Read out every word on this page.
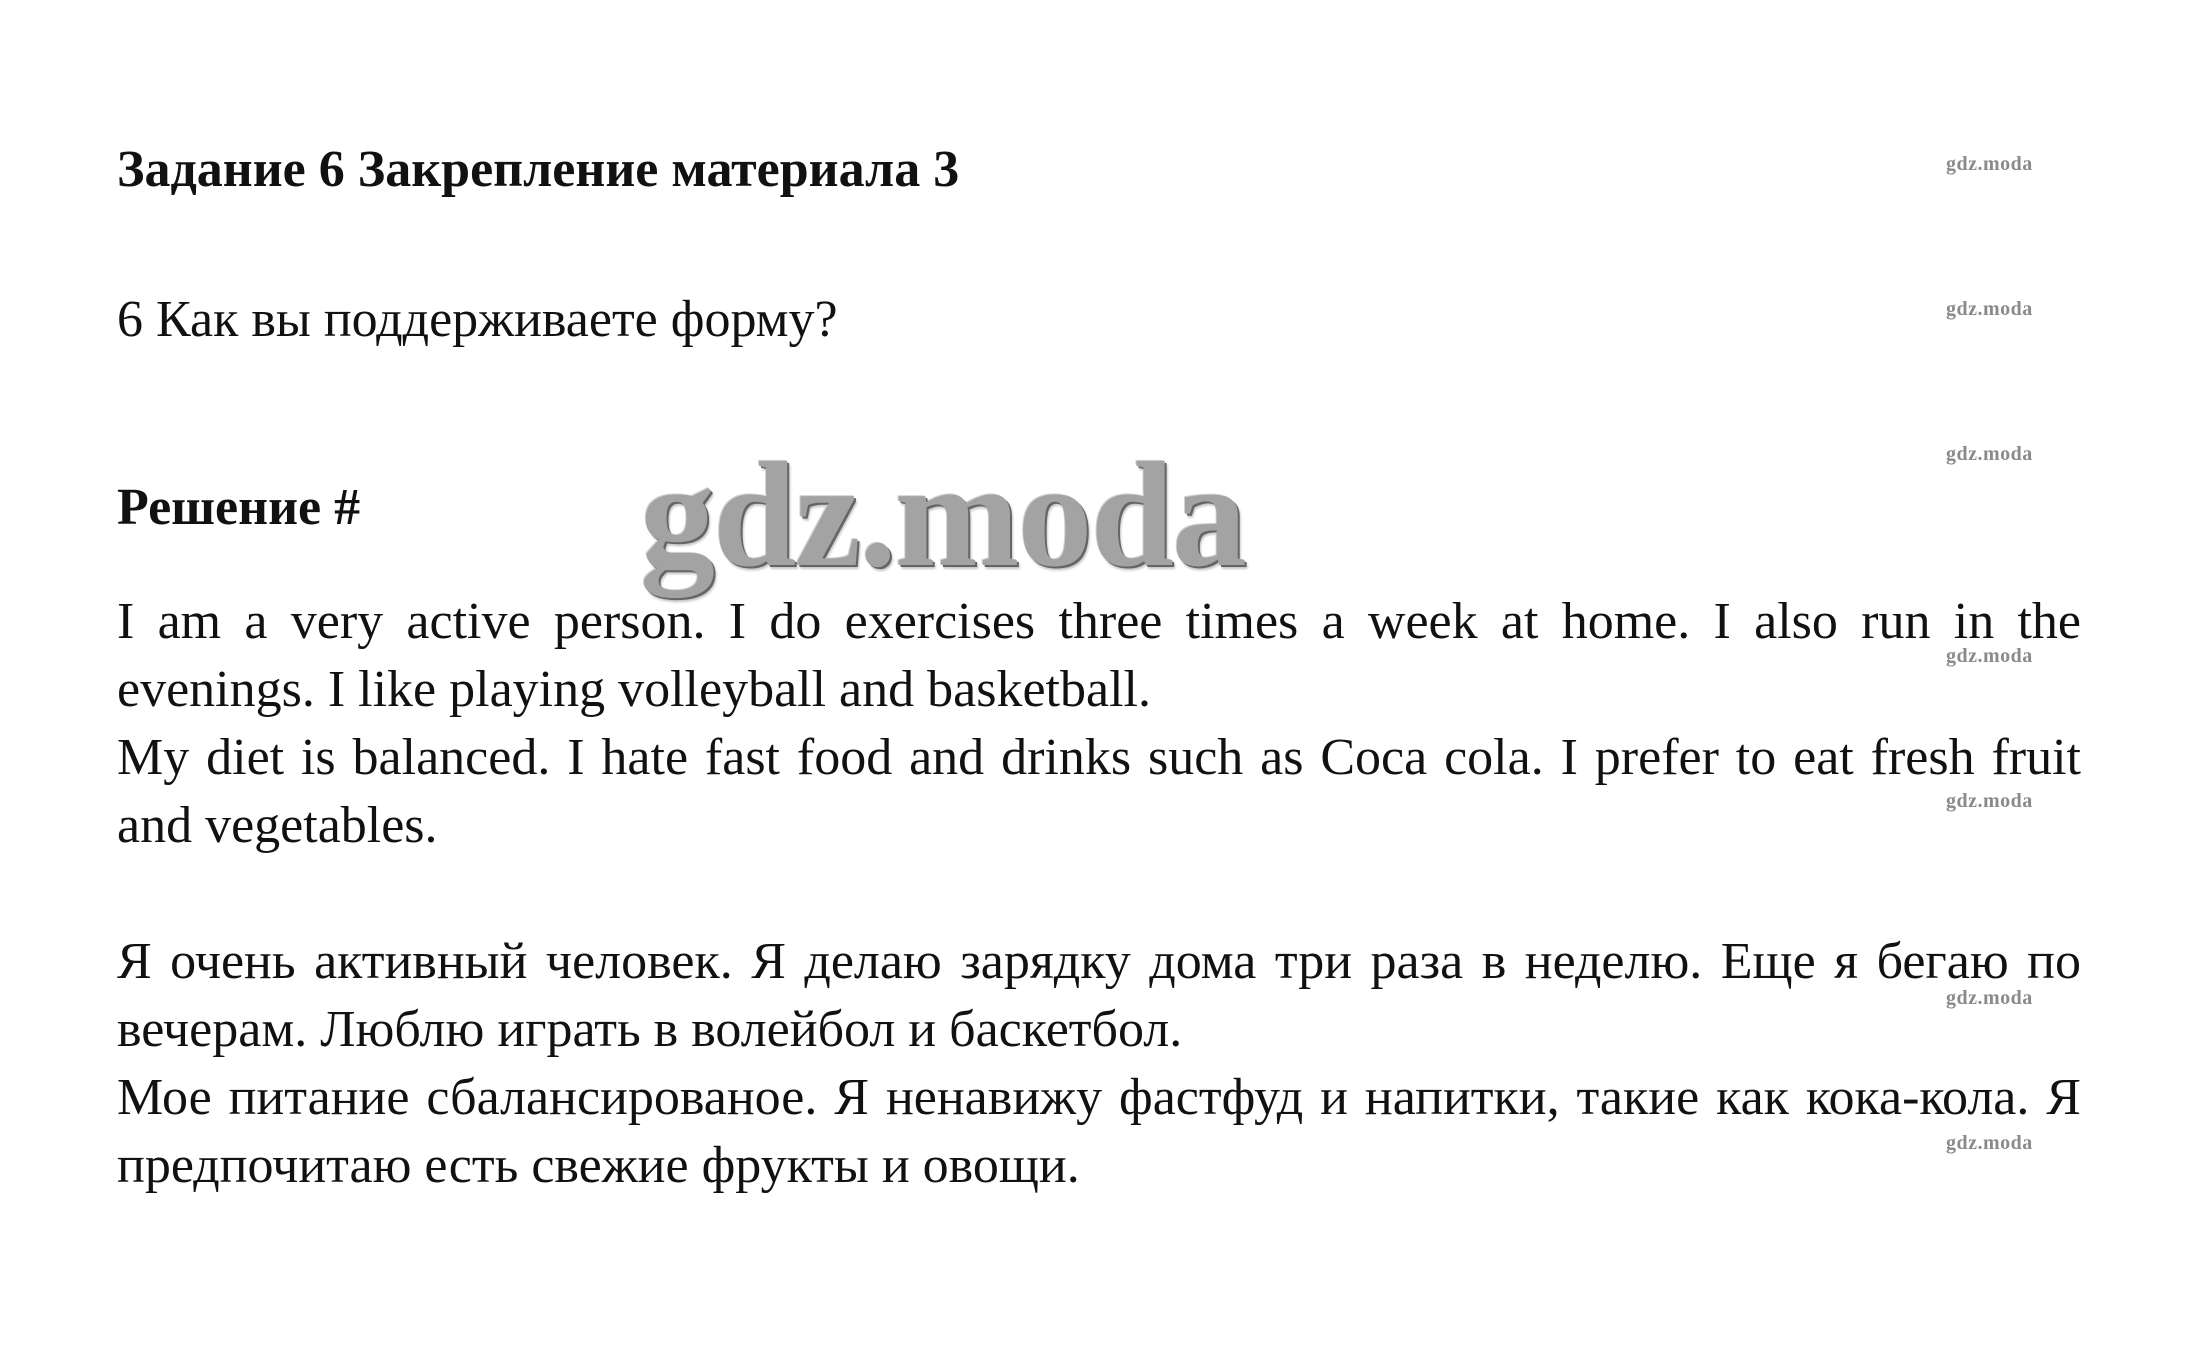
Задание 6 Закрепление материала 3
6 Как вы поддерживаете форму?
Решение # gdz.moda
I am a very active person. I do exercises three times a week at home. I also run in the evenings. I like playing volleyball and basketball.
My diet is balanced. I hate fast food and drinks such as Coca cola. I prefer to eat fresh fruit and vegetables.
Я очень активный человек. Я делаю зарядку дома три раза в неделю. Еще я бегаю по вечерам. Люблю играть в волейбол и баскетбол.
Мое питание сбалансированое. Я ненавижу фастфуд и напитки, такие как кока-кола. Я предпочитаю есть свежие фрукты и овощи.
gdz.moda
gdz.moda
gdz.moda
gdz.moda
gdz.moda
gdz.moda
gdz.moda
